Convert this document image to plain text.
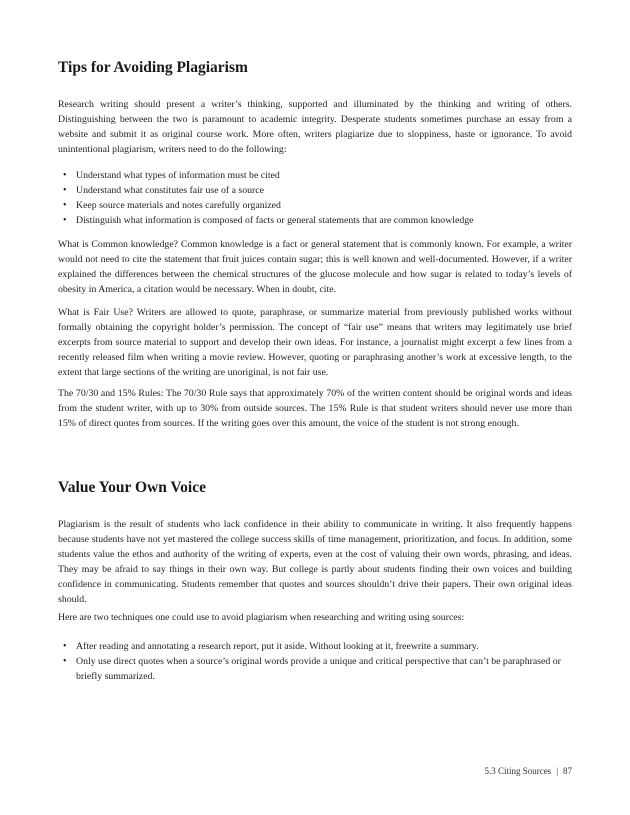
Tips for Avoiding Plagiarism

Research writing should present a writer’s thinking, supported and illuminated by the thinking and writing of others. Distinguishing between the two is paramount to academic integrity. Desperate students sometimes purchase an essay from a website and submit it as original course work. More often, writers plagiarize due to sloppiness, haste or ignorance. To avoid unintentional plagiarism, writers need to do the following:

• Understand what types of information must be cited
• Understand what constitutes fair use of a source
• Keep source materials and notes carefully organized
• Distinguish what information is composed of facts or general statements that are common knowledge

What is Common knowledge? Common knowledge is a fact or general statement that is commonly known. For example, a writer would not need to cite the statement that fruit juices contain sugar; this is well known and well-documented. However, if a writer explained the differences between the chemical structures of the glucose molecule and how sugar is related to today’s levels of obesity in America, a citation would be necessary. When in doubt, cite.

What is Fair Use? Writers are allowed to quote, paraphrase, or summarize material from previously published works without formally obtaining the copyright holder’s permission. The concept of “fair use” means that writers may legitimately use brief excerpts from source material to support and develop their own ideas. For instance, a journalist might excerpt a few lines from a recently released film when writing a movie review. However, quoting or paraphrasing another’s work at excessive length, to the extent that large sections of the writing are unoriginal, is not fair use.

The 70/30 and 15% Rules: The 70/30 Rule says that approximately 70% of the written content should be original words and ideas from the student writer, with up to 30% from outside sources. The 15% Rule is that student writers should never use more than 15% of direct quotes from sources. If the writing goes over this amount, the voice of the student is not strong enough.

Value Your Own Voice

Plagiarism is the result of students who lack confidence in their ability to communicate in writing. It also frequently happens because students have not yet mastered the college success skills of time management, prioritization, and focus. In addition, some students value the ethos and authority of the writing of experts, even at the cost of valuing their own words, phrasing, and ideas. They may be afraid to say things in their own way. But college is partly about students finding their own voices and building confidence in communicating. Students remember that quotes and sources shouldn’t drive their papers. Their own original ideas should.

Here are two techniques one could use to avoid plagiarism when researching and writing using sources:

• After reading and annotating a research report, put it aside. Without looking at it, freewrite a summary.
• Only use direct quotes when a source’s original words provide a unique and critical perspective that can’t be paraphrased or briefly summarized.
5.3 Citing Sources | 87
